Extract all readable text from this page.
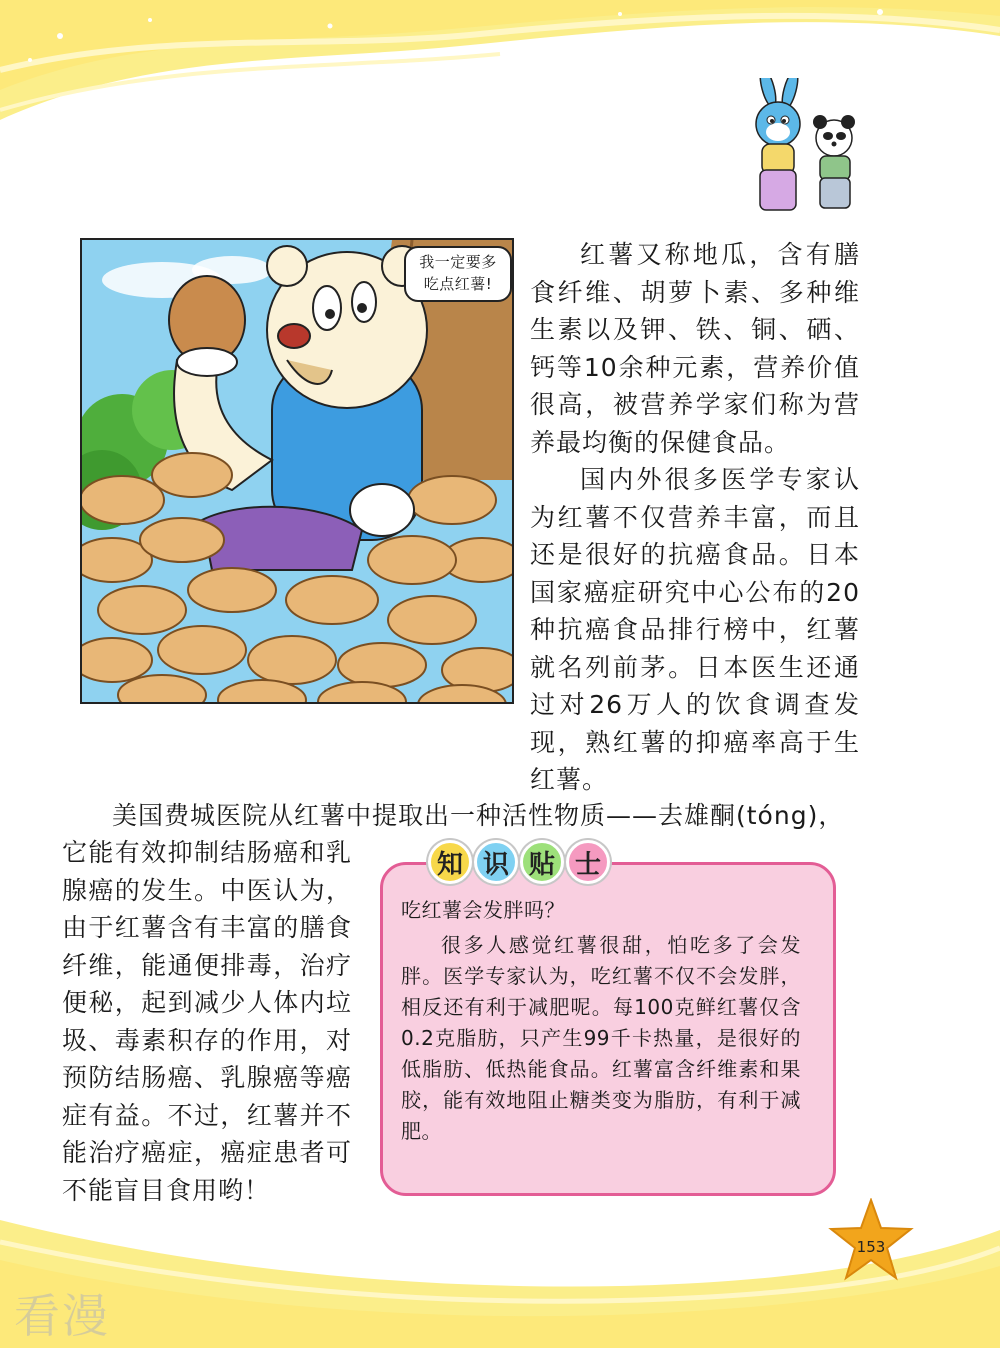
我一定要多
吃点红薯!

红薯又称地瓜，含有膳食纤维、胡萝卜素、多种维生素以及钾、铁、铜、硒、钙等10余种元素，营养价值很高，被营养学家们称为营养最均衡的保健食品。

国内外很多医学专家认为红薯不仅营养丰富，而且还是很好的抗癌食品。日本国家癌症研究中心公布的20种抗癌食品排行榜中，红薯就名列前茅。日本医生还通过对26万人的饮食调查发现，熟红薯的抑癌率高于生红薯。

美国费城医院从红薯中提取出一种活性物质——去雄酮(tóng)，

它能有效抑制结肠癌和乳腺癌的发生。中医认为，由于红薯含有丰富的膳食纤维，能通便排毒，治疗便秘，起到减少人体内垃圾、毒素积存的作用，对预防结肠癌、乳腺癌等癌症有益。不过，红薯并不能治疗癌症，癌症患者可不能盲目食用哟！

吃红薯会发胖吗？

很多人感觉红薯很甜，怕吃多了会发胖。医学专家认为，吃红薯不仅不会发胖，相反还有利于减肥呢。每100克鲜红薯仅含0.2克脂肪，只产生99千卡热量，是很好的低脂肪、低热能食品。红薯富含纤维素和果胶，能有效地阻止糖类变为脂肪，有利于减肥。

知 识 贴 士
153
看漫
